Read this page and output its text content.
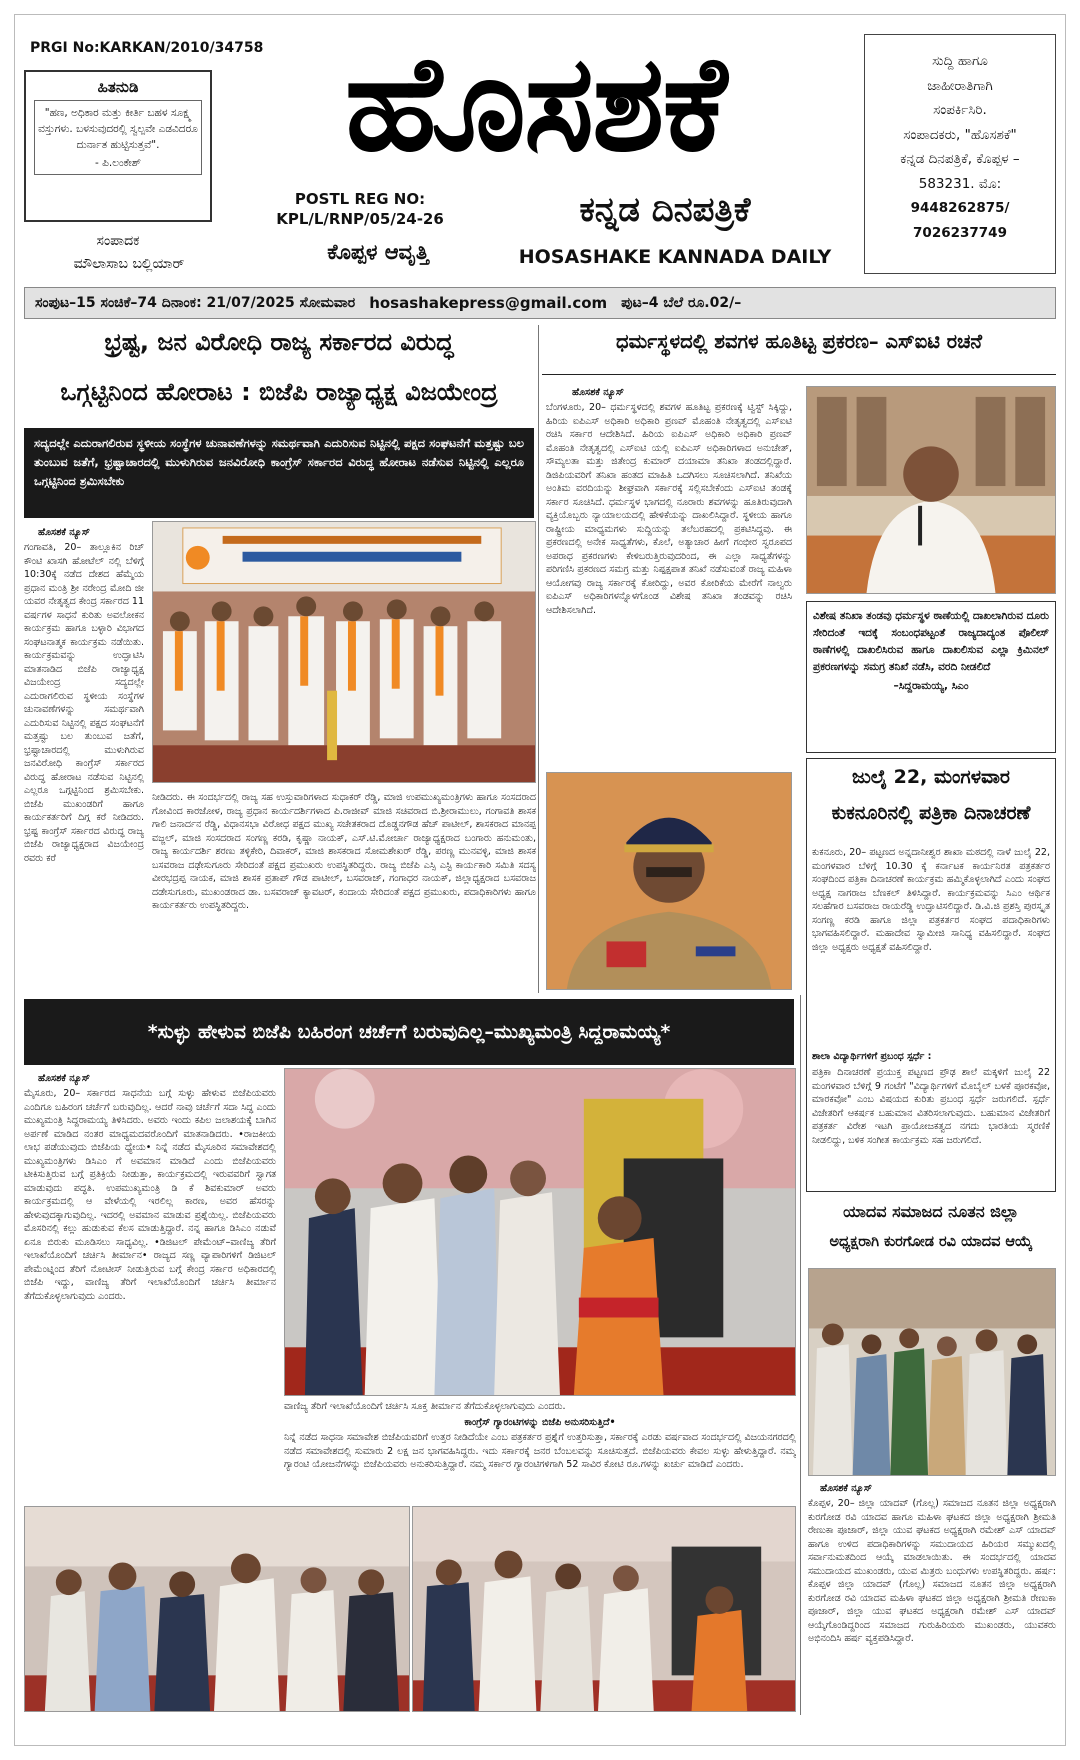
PRGI No:KARKAN/2010/34758
ಹಿತನುಡಿ
"ಹಣ, ಅಧಿಕಾರ ಮತ್ತು ಕೀರ್ತಿ ಬಹಳ ಸೂಕ್ಷ್ಮ ವಸ್ತುಗಳು. ಬಳಸುವುದರಲ್ಲಿ ಸ್ವಲ್ಪವೇ ಎಡವಿದರೂ ದುರ್ನಾತ ಹುಟ್ಟಿಸುತ್ತವೆ".
- ಪಿ.ಲಂಕೇಶ್
ಸಂಪಾದಕ
ಮೌಲಾಸಾಬ ಬಲ್ಲಿಯಾರ್
ಹೊಸಶಕೆ
POSTL REG NO:
KPL/L/RNP/05/24-26
ಕೊಪ್ಪಳ ಆವೃತ್ತಿ
ಕನ್ನಡ ದಿನಪತ್ರಿಕೆ
HOSASHAKE KANNADA DAILY
ಸುದ್ದಿ ಹಾಗೂ
ಜಾಹೀರಾತಿಗಾಗಿ
ಸಂಪರ್ಕಿಸಿರಿ.
ಸಂಪಾದಕರು, "ಹೊಸಶಕೆ"
ಕನ್ನಡ ದಿನಪತ್ರಿಕೆ, ಕೊಪ್ಪಳ –
583231. ಮೊ:
9448262875/
7026237749
ಸಂಪುಟ–15 ಸಂಚಿಕೆ–74 ದಿನಾಂಕ: 21/07/2025 ಸೋಮವಾರ hosashakepress@gmail.com ಪುಟ–4 ಬೆಲೆ ರೂ.02/–
ಭ್ರಷ್ಟ, ಜನ ವಿರೋಧಿ ರಾಜ್ಯ ಸರ್ಕಾರದ ವಿರುದ್ಧ
ಒಗ್ಗಟ್ಟಿನಿಂದ ಹೋರಾಟ : ಬಿಜೆಪಿ ರಾಜ್ಯಾಧ್ಯಕ್ಷ ವಿಜಯೇಂದ್ರ
ಸದ್ಯದಲ್ಲೇ ಎದುರಾಗಲಿರುವ ಸ್ಥಳೀಯ ಸಂಸ್ಥೆಗಳ ಚುನಾವಣೆಗಳನ್ನು ಸಮರ್ಥವಾಗಿ ಎದುರಿಸುವ ನಿಟ್ಟಿನಲ್ಲಿ ಪಕ್ಷದ ಸಂಘಟನೆಗೆ ಮತ್ತಷ್ಟು ಬಲ ತುಂಬುವ ಜತೆಗೆ, ಭ್ರಷ್ಟಾಚಾರದಲ್ಲಿ ಮುಳುಗಿರುವ ಜನವಿರೋಧಿ ಕಾಂಗ್ರೆಸ್ ಸರ್ಕಾರದ ವಿರುದ್ಧ ಹೋರಾಟ ನಡೆಸುವ ನಿಟ್ಟಿನಲ್ಲಿ ಎಲ್ಲರೂ ಒಗ್ಗಟ್ಟಿನಿಂದ ಶ್ರಮಿಸಬೇಕು
ಹೊಸಶಕೆ ನ್ಯೂಸ್
ಗಂಗಾವತಿ, 20– ತಾಲ್ಲೂಕಿನ ರಿಚ್ ಕೌಂಟಿ ಖಾಸಗಿ ಹೋಟೆಲ್ ನಲ್ಲಿ ಬೆಳಿಗ್ಗೆ 10:30ಕ್ಕೆ ನಡೆದ ದೇಶದ ಹೆಮ್ಮೆಯ ಪ್ರಧಾನ ಮಂತ್ರಿ ಶ್ರೀ ನರೇಂದ್ರ ಮೋದಿ ಜೀ ಯವರ ನೇತೃತ್ವದ ಕೇಂದ್ರ ಸರ್ಕಾರದ 11 ವರ್ಷಗಳ ಸಾಧನೆ ಕುರಿತು ಅವಲೋಕನ ಕಾರ್ಯಕ್ರಮ ಹಾಗೂ ಬಳ್ಳಾರಿ ವಿಭಾಗದ ಸಂಘಟನಾತ್ಮಕ ಕಾರ್ಯಕ್ರಮ ನಡೆಯಿತು. ಕಾರ್ಯಕ್ರಮವನ್ನು ಉದ್ಘಾಟಿಸಿ ಮಾತನಾಡಿದ ಬಿಜೆಪಿ ರಾಜ್ಯಾಧ್ಯಕ್ಷ ವಿಜಯೇಂದ್ರ ಸದ್ಯದಲ್ಲೇ ಎದುರಾಗಲಿರುವ ಸ್ಥಳೀಯ ಸಂಸ್ಥೆಗಳ ಚುನಾವಣೆಗಳನ್ನು ಸಮರ್ಥವಾಗಿ ಎದುರಿಸುವ ನಿಟ್ಟಿನಲ್ಲಿ ಪಕ್ಷದ ಸಂಘಟನೆಗೆ ಮತ್ತಷ್ಟು ಬಲ ತುಂಬುವ ಜತೆಗೆ, ಭ್ರಷ್ಟಾಚಾರದಲ್ಲಿ ಮುಳುಗಿರುವ ಜನವಿರೋಧಿ ಕಾಂಗ್ರೆಸ್ ಸರ್ಕಾರದ ವಿರುದ್ಧ ಹೋರಾಟ ನಡೆಸುವ ನಿಟ್ಟಿನಲ್ಲಿ ಎಲ್ಲರೂ ಒಗ್ಗಟ್ಟಿನಿಂದ ಶ್ರಮಿಸಬೇಕು. ಬಿಜೆಪಿ ಮುಖಂಡರಿಗೆ ಹಾಗೂ ಕಾರ್ಯಕರ್ತರಿಗೆ ದಿಗ್ಗ ಕರೆ ನೀಡಿದರು. ಭ್ರಷ್ಟ ಕಾಂಗ್ರೆಸ್ ಸರ್ಕಾರದ ವಿರುದ್ಧ ರಾಜ್ಯ ಬಿಜೆಪಿ ರಾಜ್ಯಾಧ್ಯಕ್ಷರಾದ ವಿಜಯೇಂದ್ರ ರವರು ಕರೆ
ನೀಡಿದರು. ಈ ಸಂದರ್ಭದಲ್ಲಿ ರಾಜ್ಯ ಸಹ ಉಸ್ತುವಾರಿಗಳಾದ ಸುಧಾಕರ್ ರೆಡ್ಡಿ, ಮಾಜಿ ಉಪಮುಖ್ಯಮಂತ್ರಿಗಳು ಹಾಗೂ ಸಂಸದರಾದ ಗೋವಿಂದ ಕಾರಜೋಳ, ರಾಜ್ಯ ಪ್ರಧಾನ ಕಾರ್ಯದರ್ಶಿಗಳಾದ ಪಿ.ರಾಜೀವ್ ಮಾಜಿ ಸಚಿವರಾದ ಬಿ.ಶ್ರೀರಾಮುಲು, ಗಂಗಾವತಿ ಶಾಸಕ ಗಾಲಿ ಜನಾರ್ದನ ರೆಡ್ಡಿ, ವಿಧಾನಸಭಾ ವಿರೋಧ ಪಕ್ಷದ ಮುಖ್ಯ ಸಚೇತಕರಾದ ದೊಡ್ಡನಗೌಡ ಹೆಚ್ ಪಾಟೀಲ್, ಶಾಸಕರಾದ ಮಾನಪ್ಪ ವಜ್ಜಲ್, ಮಾಜಿ ಸಂಸದರಾದ ಸಂಗಣ್ಣ ಕರಡಿ, ಕೃಷ್ಣಾ ನಾಯಕ್, ಎಸ್.ಟಿ.ಮೋರ್ಚಾ ರಾಜ್ಯಾಧ್ಯಕ್ಷರಾದ ಬಂಗಾರು ಹನುಮಂತು, ರಾಜ್ಯ ಕಾರ್ಯದರ್ಶಿ ಶರಣು ತಳ್ಳಿಕೇರಿ, ದಿವಾಕರ್, ಮಾಜಿ ಶಾಸಕರಾದ ಸೋಮಶೇಖರ್ ರೆಡ್ಡಿ, ಪರಣ್ಣ ಮುನವಳ್ಳಿ, ಮಾಜಿ ಶಾಸಕ ಬಸವರಾಜ ದಢೇಸುಗೂರು ಸೇರಿದಂತೆ ಪಕ್ಷದ ಪ್ರಮುಖರು ಉಪಸ್ಥಿತರಿದ್ದರು. ರಾಜ್ಯ ಬಿಜೆಪಿ ಎಸ್ಸಿ ಎಸ್ಟಿ ಕಾರ್ಯಕಾರಿ ಸಮಿತಿ ಸದಸ್ಯ ವೀರಭದ್ರಪ್ಪ ನಾಯಕ, ಮಾಜಿ ಶಾಸಕ ಪ್ರತಾಪ್ ಗೌಡ ಪಾಟೀಲ್, ಬಸವರಾಜ್, ಗಂಗಾಧರ ನಾಯಕ್, ಜಿಲ್ಲಾಧ್ಯಕ್ಷರಾದ ಬಸವರಾಜ ದಡೇಸುಗೂರು, ಮುಖಂಡರಾದ ಡಾ. ಬಸವರಾಜ್ ಕ್ಯಾವಟರ್, ಕಂದಾಯ ಸೇರಿದಂತೆ ಪಕ್ಷದ ಪ್ರಮುಖರು, ಪದಾಧಿಕಾರಿಗಳು ಹಾಗೂ ಕಾರ್ಯಕರ್ತರು ಉಪಸ್ಥಿತರಿದ್ದರು.
ಧರ್ಮಸ್ಥಳದಲ್ಲಿ ಶವಗಳ ಹೂತಿಟ್ಟ ಪ್ರಕರಣ– ಎಸ್ಐಟಿ ರಚನೆ
ಹೊಸಶಕೆ ನ್ಯೂಸ್
ಬೆಂಗಳೂರು, 20– ಧರ್ಮಸ್ಥಳದಲ್ಲಿ ಶವಗಳ ಹೂತಿಟ್ಟ ಪ್ರಕರಣಕ್ಕೆ ಟ್ವಿಸ್ಟ್ ಸಿಕ್ಕಿದ್ದು, ಹಿರಿಯ ಐಪಿಎಸ್ ಅಧಿಕಾರಿ ಅಧಿಕಾರಿ ಪ್ರಣವ್ ಮೊಹಂತಿ ನೇತೃತ್ವದಲ್ಲಿ ಎಸ್ಐಟಿ ರಚಿಸಿ ಸರ್ಕಾರ ಆದೇಶಿಸಿದೆ. ಹಿರಿಯ ಐಪಿಎಸ್ ಅಧಿಕಾರಿ ಅಧಿಕಾರಿ ಪ್ರಣವ್ ಮೊಹಂತಿ ನೇತೃತ್ವದಲ್ಲಿ ಎಸ್ಐಟಿ ಯಲ್ಲಿ ಐಪಿಎಸ್ ಅಧಿಕಾರಿಗಳಾದ ಅನುಚೇತ್, ಸೌಮ್ಯಲತಾ ಮತ್ತು ಜಿತೇಂದ್ರ ಕುಮಾರ್ ದಯಾಮಾ ತನಿಖಾ ತಂಡದಲ್ಲಿದ್ದಾರೆ. ಡಿಜಿಪಿಯವರಿಗೆ ತನಿಖಾ ಹಂತದ ಮಾಹಿತಿ ಒದಗಿಸಲು ಸೂಚಿಸಲಾಗಿದೆ. ತನಿಖೆಯ ಅಂತಿಮ ವರದಿಯನ್ನು ಶೀಘ್ರವಾಗಿ ಸರ್ಕಾರಕ್ಕೆ ಸಲ್ಲಿಸಬೇಕೆಂದು ಎಸ್ಐಟಿ ತಂಡಕ್ಕೆ ಸರ್ಕಾರ ಸೂಚಿಸಿದೆ. ಧರ್ಮಸ್ಥಳ ಭಾಗದಲ್ಲಿ ನೂರಾರು ಶವಗಳನ್ನು ಹೂತಿರುವುದಾಗಿ ವ್ಯಕ್ತಿಯೊಬ್ಬರು ನ್ಯಾಯಾಲಯದಲ್ಲಿ ಹೇಳಿಕೆಯನ್ನು ದಾಖಲಿಸಿದ್ದಾರೆ. ಸ್ಥಳೀಯ ಹಾಗೂ ರಾಷ್ಟ್ರೀಯ ಮಾಧ್ಯಮಗಳು ಸುದ್ದಿಯನ್ನು ತಲೆಬರಹದಲ್ಲಿ ಪ್ರಕಟಿಸಿದ್ದವು. ಈ ಪ್ರಕರಣದಲ್ಲಿ ಅನೇಕ ಸಾಧ್ಯತೆಗಳು, ಕೊಲೆ, ಅತ್ಯಾಚಾರ ಹೀಗೆ ಗಂಭೀರ ಸ್ವರೂಪದ ಅಪರಾಧ ಪ್ರಕರಣಗಳು ಕೇಳಿಬರುತ್ತಿರುವುದರಿಂದ, ಈ ಎಲ್ಲಾ ಸಾಧ್ಯತೆಗಳನ್ನು ಪರಿಗಣಿಸಿ ಪ್ರಕರಣದ ಸಮಗ್ರ ಮತ್ತು ನಿಷ್ಪಕ್ಷಪಾತ ತನಿಖೆ ನಡೆಸುವಂತೆ ರಾಜ್ಯ ಮಹಿಳಾ ಆಯೋಗವು ರಾಜ್ಯ ಸರ್ಕಾರಕ್ಕೆ ಕೋರಿದ್ದು, ಅವರ ಕೋರಿಕೆಯ ಮೇರೆಗೆ ನಾಲ್ವರು ಐಪಿಎಸ್ ಅಧಿಕಾರಿಗಳನ್ನೊಳಗೊಂಡ ವಿಶೇಷ ತನಿಖಾ ತಂಡವನ್ನು ರಚಿಸಿ ಆದೇಶಿಸಲಾಗಿದೆ.	ವಿಶೇಷ ತನಿಖಾ ತಂಡವು ಧರ್ಮಸ್ಥಳ ಠಾಣೆಯಲ್ಲಿ ದಾಖಲಾಗಿರುವ ದೂರು ಸೇರಿದಂತೆ ಇದಕ್ಕೆ ಸಂಬಂಧಪಟ್ಟಂತೆ ರಾಜ್ಯದಾದ್ಯಂತ ಪೊಲೀಸ್ ಠಾಣೆಗಳಲ್ಲಿ ದಾಖಲಿಸಿರುವ ಹಾಗೂ ದಾಖಲಿಸುವ ಎಲ್ಲಾ ಕ್ರಿಮಿನಲ್ ಪ್ರಕರಣಗಳನ್ನು ಸಮಗ್ರ ತನಿಖೆ ನಡೆಸಿ, ವರದಿ ನೀಡಲಿದೆ
–ಸಿದ್ದರಾಮಯ್ಯ, ಸಿಎಂ
ಜುಲೈ 22, ಮಂಗಳವಾರ
ಕುಕನೂರಿನಲ್ಲಿ ಪತ್ರಿಕಾ ದಿನಾಚರಣೆ
ಕುಕನೂರು, 20– ಪಟ್ಟಣದ ಅನ್ನದಾನೀಶ್ವರ ಶಾಖಾ ಮಠದಲ್ಲಿ ನಾಳೆ ಜುಲೈ 22, ಮಂಗಳವಾರ ಬೆಳಿಗ್ಗೆ 10.30 ಕ್ಕೆ ಕರ್ನಾಟಕ ಕಾರ್ಯನಿರತ ಪತ್ರಕರ್ತರ ಸಂಘದಿಂದ ಪತ್ರಿಕಾ ದಿನಾಚರಣೆ ಕಾರ್ಯಕ್ರಮ ಹಮ್ಮಿಕೊಳ್ಳಲಾಗಿದೆ ಎಂದು ಸಂಘದ ಅಧ್ಯಕ್ಷ ನಾಗರಾಜ ಬೆಣಕಲ್ ತಿಳಿಸಿದ್ದಾರೆ. ಕಾರ್ಯಕ್ರಮವನ್ನು ಸಿಎಂ ಆರ್ಥಿಕ ಸಲಹೆಗಾರ ಬಸವರಾಜ ರಾಯರೆಡ್ಡಿ ಉದ್ಘಾಟಿಸಲಿದ್ದಾರೆ. ಡಿ.ವಿ.ಜಿ ಪ್ರಶಸ್ತಿ ಪುರಸ್ಕೃತ ಸಂಗಣ್ಣ ಕರಡಿ ಹಾಗೂ ಜಿಲ್ಲಾ ಪತ್ರಕರ್ತರ ಸಂಘದ ಪದಾಧಿಕಾರಿಗಳು ಭಾಗವಹಿಸಲಿದ್ದಾರೆ. ಮಹಾದೇವ ಸ್ವಾಮೀಜಿ ಸಾನಿಧ್ಯ ವಹಿಸಲಿದ್ದಾರೆ. ಸಂಘದ ಜಿಲ್ಲಾ ಅಧ್ಯಕ್ಷರು ಅಧ್ಯಕ್ಷತೆ ವಹಿಸಲಿದ್ದಾರೆ.
ಶಾಲಾ ವಿದ್ಯಾರ್ಥಿಗಳಿಗೆ ಪ್ರಬಂಧ ಸ್ಪರ್ಧೆ :
ಪತ್ರಿಕಾ ದಿನಾಚರಣೆ ಪ್ರಯುಕ್ತ ಪಟ್ಟಣದ ಪ್ರೌಢ ಶಾಲೆ ಮಕ್ಕಳಿಗೆ ಜುಲೈ 22 ಮಂಗಳವಾರ ಬೆಳಿಗ್ಗೆ 9 ಗಂಟೆಗೆ "ವಿದ್ಯಾರ್ಥಿಗಳಿಗೆ ಮೊಬೈಲ್ ಬಳಕೆ ಪೂರಕವೋ, ಮಾರಕವೋ" ಎಂಬ ವಿಷಯದ ಕುರಿತು ಪ್ರಬಂಧ ಸ್ಪರ್ಧೆ ಜರುಗಲಿದೆ. ಸ್ಪರ್ಧೆ ವಿಜೇತರಿಗೆ ಆಕರ್ಷಕ ಬಹುಮಾನ ವಿತರಿಸಲಾಗುವುದು. ಬಹುಮಾನ ವಿಜೇತರಿಗೆ ಪತ್ರಕರ್ತ ವಿರೇಶ ಇಟಗಿ ಪ್ರಾಯೋಜಕತ್ವದ ನಗದು ಭಾರತಿಯ ಸ್ಮರಣಿಕೆ ನೀಡಲಿದ್ದು, ಬಳಿಕ ಸಂಗೀತ ಕಾರ್ಯಕ್ರಮ ಸಹ ಜರುಗಲಿದೆ.
*ಸುಳ್ಳು ಹೇಳುವ ಬಿಜೆಪಿ ಬಹಿರಂಗ ಚರ್ಚೆಗೆ ಬರುವುದಿಲ್ಲ–ಮುಖ್ಯಮಂತ್ರಿ ಸಿದ್ದರಾಮಯ್ಯ*
ಹೊಸಶಕೆ ನ್ಯೂಸ್
ಮೈಸೂರು, 20– ಸರ್ಕಾರದ ಸಾಧನೆಯ ಬಗ್ಗೆ ಸುಳ್ಳು ಹೇಳುವ ಬಿಜೆಪಿಯವರು ಎಂದಿಗೂ ಬಹಿರಂಗ ಚರ್ಚೆಗೆ ಬರುವುದಿಲ್ಲ. ಆದರೆ ನಾವು ಚರ್ಚೆಗೆ ಸದಾ ಸಿದ್ಧ ಎಂದು ಮುಖ್ಯಮಂತ್ರಿ ಸಿದ್ದರಾಮಯ್ಯ ತಿಳಿಸಿದರು. ಅವರು ಇಂದು ಕಪಿಲ ಜಲಾಶಯಕ್ಕೆ ಬಾಗಿನ ಅರ್ಪಣೆ ಮಾಡಿದ ನಂತರ ಮಾಧ್ಯಮದವರೊಂದಿಗೆ ಮಾತನಾಡಿದರು. •ರಾಜಕೀಯ ಲಾಭ ಪಡೆಯುವುದು ಬಿಜೆಪಿಯ ಧ್ಯೇಯ• ನಿನ್ನೆ ನಡೆದ ಮೈಸೂರಿನ ಸಮಾವೇಶದಲ್ಲಿ ಮುಖ್ಯಮಂತ್ರಿಗಳು ಡಿಸಿಎಂ ಗೆ ಅವಮಾನ ಮಾಡಿದೆ ಎಂದು ಬಿಜೆಪಿಯವರು ಟೀಕಿಸುತ್ತಿರುವ ಬಗ್ಗೆ ಪ್ರತಿಕ್ರಿಯೆ ನೀಡುತ್ತಾ, ಕಾರ್ಯಕ್ರಮದಲ್ಲಿ ಇರುವವರಿಗೆ ಸ್ವಾಗತ ಮಾಡುವುದು ಪದ್ಧತಿ. ಉಪಮುಖ್ಯಮಂತ್ರಿ ಡಿ ಕೆ ಶಿವಕುಮಾರ್ ಅವರು ಕಾರ್ಯಕ್ರಮದಲ್ಲಿ ಆ ವೇಳೆಯಲ್ಲಿ ಇರಲಿಲ್ಲ ಕಾರಣ, ಅವರ ಹೆಸರನ್ನು ಹೇಳುವುದಕ್ಕಾಗುವುದಿಲ್ಲ. ಇದರಲ್ಲಿ ಅವಮಾನ ಮಾಡುವ ಪ್ರಶ್ನೆಯಿಲ್ಲ. ಬಿಜೆಪಿಯವರು ಮೊಸರಿನಲ್ಲಿ ಕಲ್ಲು ಹುಡುಕುವ ಕೆಲಸ ಮಾಡುತ್ತಿದ್ದಾರೆ. ನನ್ನ ಹಾಗೂ ಡಿಸಿಎಂ ನಡುವೆ ಏನೂ ಬಿರುಕು ಮೂಡಿಸಲು ಸಾಧ್ಯವಿಲ್ಲ. •ಡಿಜಿಟಲ್ ಪೇಮೆಂಟ್–ವಾಣಿಜ್ಯ ತೆರಿಗೆ ಇಲಾಖೆಯೊಂದಿಗೆ ಚರ್ಚಿಸಿ ತೀರ್ಮಾನ• ರಾಜ್ಯದ ಸಣ್ಣ ವ್ಯಾಪಾರಿಗಳಿಗೆ ಡಿಜಿಟಲ್ ಪೇಮೆಂಟ್ನಿಂದ ತೆರಿಗೆ ನೋಟೀಸ್ ನೀಡುತ್ತಿರುವ ಬಗ್ಗೆ ಕೇಂದ್ರ ಸರ್ಕಾರ ಅಧಿಕಾರದಲ್ಲಿ ಬಿಜೆಪಿ ಇದ್ದು, ವಾಣಿಜ್ಯ ತೆರಿಗೆ ಇಲಾಖೆಯೊಂದಿಗೆ ಚರ್ಚಿಸಿ ತೀರ್ಮಾನ ತೆಗೆದುಕೊಳ್ಳಲಾಗುವುದು ಎಂದರು.
ವಾಣಿಜ್ಯ ತೆರಿಗೆ ಇಲಾಖೆಯೊಂದಿಗೆ ಚರ್ಚಿಸಿ ಸೂಕ್ತ ತೀರ್ಮಾನ ತೆಗೆದುಕೊಳ್ಳಲಾಗುವುದು ಎಂದರು.
ಕಾಂಗ್ರೆಸ್ ಗ್ಯಾರಂಟಿಗಳನ್ನು ಬಿಜೆಪಿ ಅನುಸರಿಸುತ್ತಿದೆ•
ನಿನ್ನೆ ನಡೆದ ಸಾಧನಾ ಸಮಾವೇಶ ಬಿಜೆಪಿಯವರಿಗೆ ಉತ್ತರ ನೀಡಿದೆಯೇ ಎಂಬ ಪತ್ರಕರ್ತರ ಪ್ರಶ್ನೆಗೆ ಉತ್ತರಿಸುತ್ತಾ, ಸರ್ಕಾರಕ್ಕೆ ಎರಡು ವರ್ಷವಾದ ಸಂದರ್ಭದಲ್ಲಿ ವಿಜಯನಗರದಲ್ಲಿ ನಡೆದ ಸಮಾವೇಶದಲ್ಲಿ ಸುಮಾರು 2 ಲಕ್ಷ ಜನ ಭಾಗವಹಿಸಿದ್ದರು. ಇದು ಸರ್ಕಾರಕ್ಕೆ ಜನರ ಬೆಂಬಲವನ್ನು ಸೂಚಿಸುತ್ತದೆ. ಬಿಜೆಪಿಯವರು ಕೇವಲ ಸುಳ್ಳು ಹೇಳುತ್ತಿದ್ದಾರೆ. ನಮ್ಮ ಗ್ಯಾರಂಟಿ ಯೋಜನೆಗಳನ್ನು ಬಿಜೆಪಿಯವರು ಅನುಕರಿಸುತ್ತಿದ್ದಾರೆ. ನಮ್ಮ ಸರ್ಕಾರ ಗ್ಯಾರಂಟಿಗಳಿಗಾಗಿ 52 ಸಾವಿರ ಕೋಟಿ ರೂ.ಗಳನ್ನು ಖರ್ಚು ಮಾಡಿದೆ ಎಂದರು.
ಯಾದವ ಸಮಾಜದ ನೂತನ ಜಿಲ್ಲಾ
ಅಧ್ಯಕ್ಷರಾಗಿ ಕುರಗೋಡ ರವಿ ಯಾದವ ಆಯ್ಕೆ
ಹೊಸಶಕೆ ನ್ಯೂಸ್
ಕೊಪ್ಪಳ, 20– ಜಿಲ್ಲಾ ಯಾದವ್ (ಗೊಲ್ಲ) ಸಮಾಜದ ನೂತನ ಜಿಲ್ಲಾ ಅಧ್ಯಕ್ಷರಾಗಿ ಕುರಗೋಡ ರವಿ ಯಾದವ ಹಾಗೂ ಮಹಿಳಾ ಘಟಕದ ಜಿಲ್ಲಾ ಅಧ್ಯಕ್ಷರಾಗಿ ಶ್ರೀಮತಿ ರೇಣುಕಾ ಪೂಜಾರ್, ಜಿಲ್ಲಾ ಯುವ ಘಟಕದ ಅಧ್ಯಕ್ಷರಾಗಿ ರಮೇಶ್ ಎಸ್ ಯಾದವ್ ಹಾಗೂ ಉಳಿದ ಪದಾಧಿಕಾರಿಗಳನ್ನು ಸಮುದಾಯದ ಹಿರಿಯರ ಸಮ್ಮುಖದಲ್ಲಿ ಸರ್ವಾನುಮತದಿಂದ ಆಯ್ಕೆ ಮಾಡಲಾಯಿತು. ಈ ಸಂದರ್ಭದಲ್ಲಿ ಯಾದವ ಸಮುದಾಯದ ಮುಖಂಡರು, ಯುವ ಮಿತ್ರರು ಬಂಧುಗಳು ಉಪಸ್ಥಿತರಿದ್ದರು. ಹರ್ಷ: ಕೊಪ್ಪಳ ಜಿಲ್ಲಾ ಯಾದವ್ (ಗೊಲ್ಲ) ಸಮಾಜದ ನೂತನ ಜಿಲ್ಲಾ ಅಧ್ಯಕ್ಷರಾಗಿ ಕುರಗೋಡ ರವಿ ಯಾದವ ಮಹಿಳಾ ಘಟಕದ ಜಿಲ್ಲಾ ಅಧ್ಯಕ್ಷರಾಗಿ ಶ್ರೀಮತಿ ರೇಣುಕಾ ಪೂಜಾರ್, ಜಿಲ್ಲಾ ಯುವ ಘಟಕದ ಅಧ್ಯಕ್ಷರಾಗಿ ರಮೇಶ್ ಎಸ್ ಯಾದವ್ ಆಯ್ಕೆಗೊಂಡಿದ್ದರಿಂದ ಸಮಾಜದ ಗುರುಹಿರಿಯರು ಮುಖಂಡರು, ಯುವಕರು ಅಭಿನಂದಿಸಿ ಹರ್ಷ ವ್ಯಕ್ತಪಡಿಸಿದ್ದಾರೆ.
